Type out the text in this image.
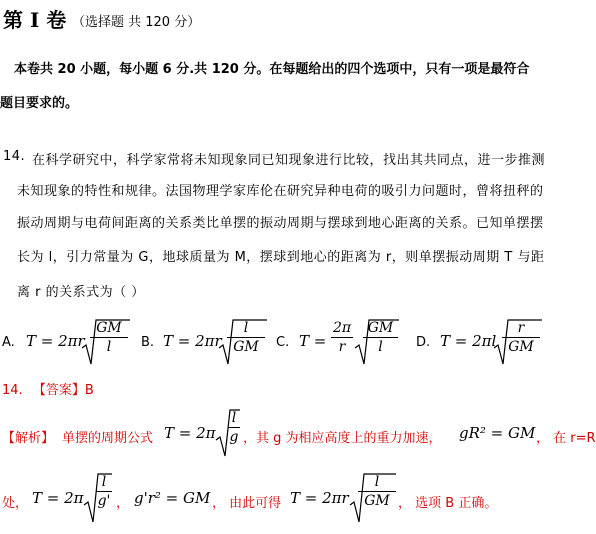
第 I 卷 （选择题 共 120 分）
本卷共 20 小题，每小题 6 分.共 120 分。在每题给出的四个选项中，只有一项是最符合
题目要求的。
14. 在科学研究中，科学家常将未知现象同已知现象进行比较，找出其共同点，进一步推测
未知现象的特性和规律。法国物理学家库伦在研究异种电荷的吸引力问题时，曾将扭秤的
振动周期与电荷间距离的关系类比单摆的振动周期与摆球到地心距离的关系。已知单摆摆
长为 l，引力常量为 G，地球质量为 M，摆球到地心的距离为 r，则单摆振动周期 T 与距
离 r 的关系式为（ ）
A. T = 2πr
GM
l	B. T = 2πr
l
GM	C. T =
2π
r
GM
l	D. T = 2πl
r
GM
14. 【答案】B
【解析】 单摆的周期公式 T = 2π
l
g ，其 g 为相应高度上的重力加速， gR² = GM ， 在 r=R
处， T = 2π
l
g' ， g'r² = GM ， 由此可得 T = 2πr
l
GM ， 选项 B 正确。
